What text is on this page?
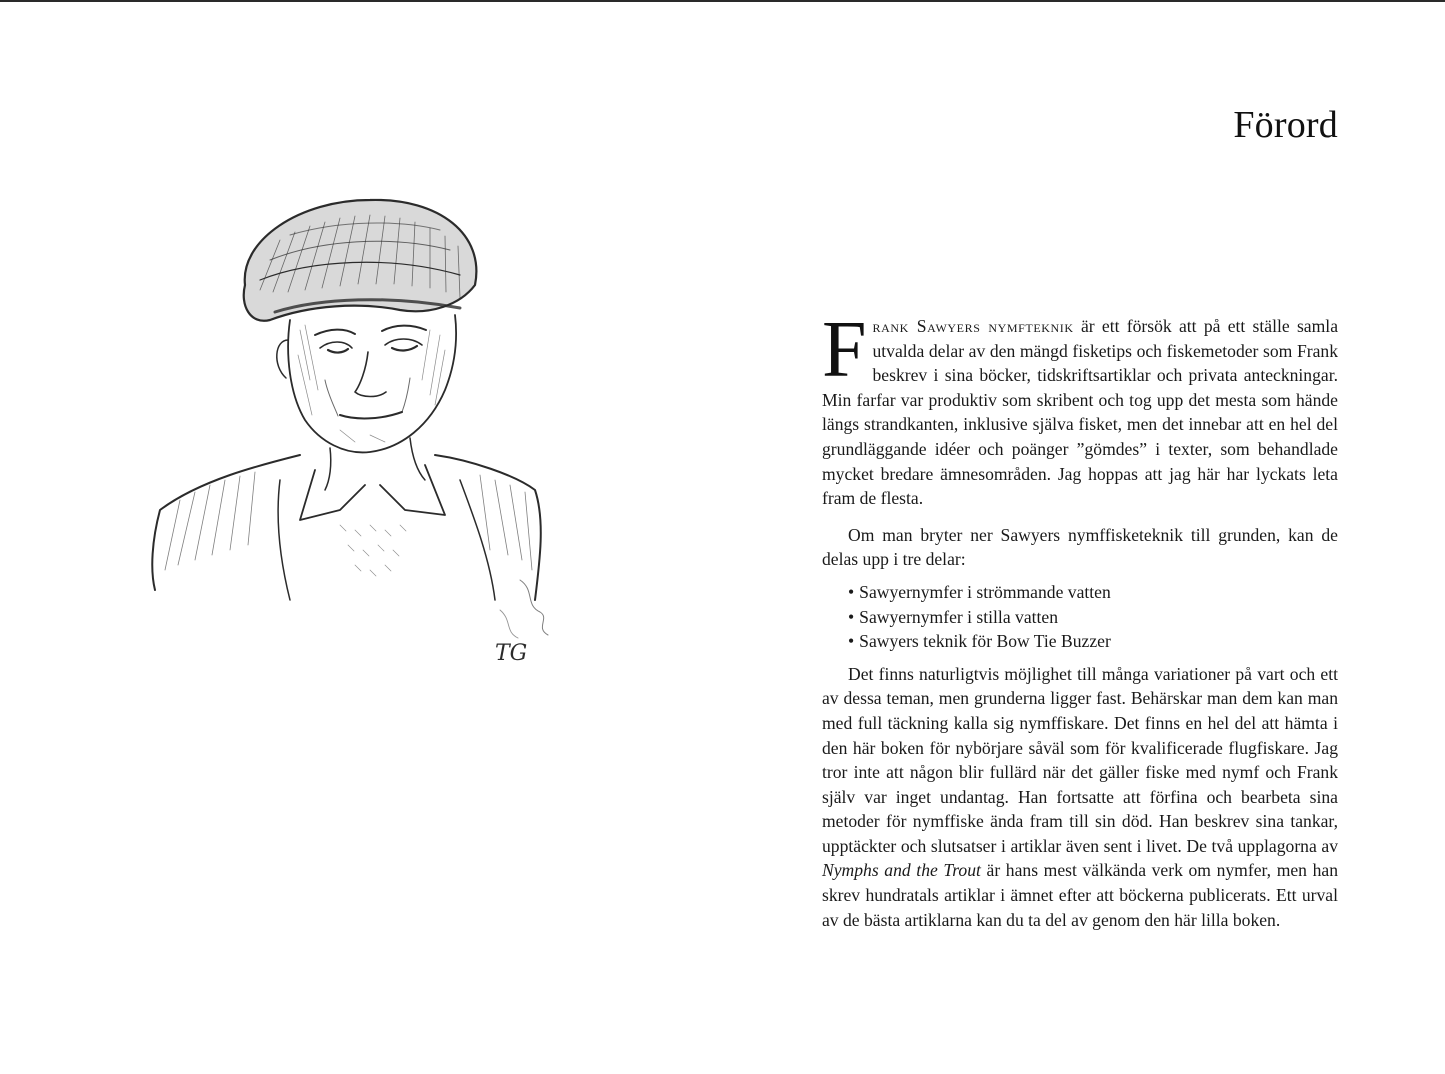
TG
Förord

Frank Sawyers nymfteknik är ett försök att på ett ställe samla utvalda delar av den mängd fisketips och fiskemetoder som Frank beskrev i sina böcker, tidskriftsartiklar och privata anteckningar. Min farfar var produktiv som skribent och tog upp det mesta som hände längs strandkanten, inklusive själva fisket, men det innebar att en hel del grundläggande idéer och poänger ”gömdes” i texter, som behandlade mycket bredare ämnesområden. Jag hoppas att jag här har lyckats leta fram de flesta.

Om man bryter ner Sawyers nymffisketeknik till grunden, kan de delas upp i tre delar:

• Sawyernymfer i strömmande vatten
• Sawyernymfer i stilla vatten
• Sawyers teknik för Bow Tie Buzzer

Det finns naturligtvis möjlighet till många variationer på vart och ett av dessa teman, men grunderna ligger fast. Behärskar man dem kan man med full täckning kalla sig nymffiskare. Det finns en hel del att hämta i den här boken för nybörjare såväl som för kvalificerade flugfiskare. Jag tror inte att någon blir fullärd när det gäller fiske med nymf och Frank själv var inget undantag. Han fortsatte att förfina och bearbeta sina metoder för nymffiske ända fram till sin död. Han beskrev sina tankar, upptäckter och slutsatser i artiklar även sent i livet. De två upplagorna av Nymphs and the Trout är hans mest välkända verk om nymfer, men han skrev hundratals artiklar i ämnet efter att böckerna publicerats. Ett urval av de bästa artiklarna kan du ta del av genom den här lilla boken.
